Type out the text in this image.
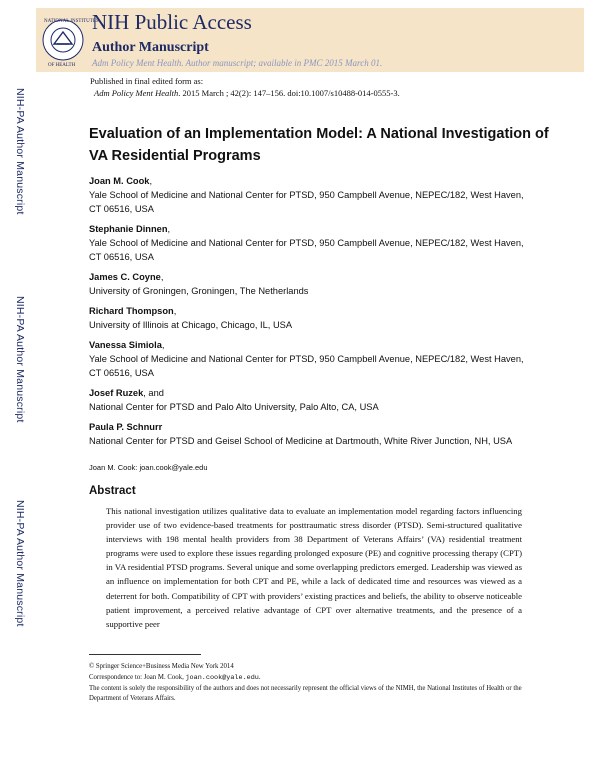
NATIONAL INSTITUTES
OF HEALTH
NIH Public Access
Author Manuscript
Adm Policy Ment Health. Author manuscript; available in PMC 2015 March 01.
Published in final edited form as:
Adm Policy Ment Health. 2015 March ; 42(2): 147–156. doi:10.1007/s10488-014-0555-3.
NIH-PA Author Manuscript
NIH-PA Author Manuscript
NIH-PA Author Manuscript
Evaluation of an Implementation Model: A National Investigation of VA Residential Programs
Joan M. Cook,
Yale School of Medicine and National Center for PTSD, 950 Campbell Avenue, NEPEC/182, West Haven, CT 06516, USA
Stephanie Dinnen,
Yale School of Medicine and National Center for PTSD, 950 Campbell Avenue, NEPEC/182, West Haven, CT 06516, USA
James C. Coyne,
University of Groningen, Groningen, The Netherlands
Richard Thompson,
University of Illinois at Chicago, Chicago, IL, USA
Vanessa Simiola,
Yale School of Medicine and National Center for PTSD, 950 Campbell Avenue, NEPEC/182, West Haven, CT 06516, USA
Josef Ruzek, and
National Center for PTSD and Palo Alto University, Palo Alto, CA, USA
Paula P. Schnurr
National Center for PTSD and Geisel School of Medicine at Dartmouth, White River Junction, NH, USA
Joan M. Cook: joan.cook@yale.edu
Abstract
This national investigation utilizes qualitative data to evaluate an implementation model regarding factors influencing provider use of two evidence-based treatments for posttraumatic stress disorder (PTSD). Semi-structured qualitative interviews with 198 mental health providers from 38 Department of Veterans Affairs’ (VA) residential treatment programs were used to explore these issues regarding prolonged exposure (PE) and cognitive processing therapy (CPT) in VA residential PTSD programs. Several unique and some overlapping predictors emerged. Leadership was viewed as an influence on implementation for both CPT and PE, while a lack of dedicated time and resources was viewed as a deterrent for both. Compatibility of CPT with providers’ existing practices and beliefs, the ability to observe noticeable patient improvement, a perceived relative advantage of CPT over alternative treatments, and the presence of a supportive peer
© Springer Science+Business Media New York 2014
Correspondence to: Joan M. Cook, joan.cook@yale.edu.
The content is solely the responsibility of the authors and does not necessarily represent the official views of the NIMH, the National Institutes of Health or the Department of Veterans Affairs.
